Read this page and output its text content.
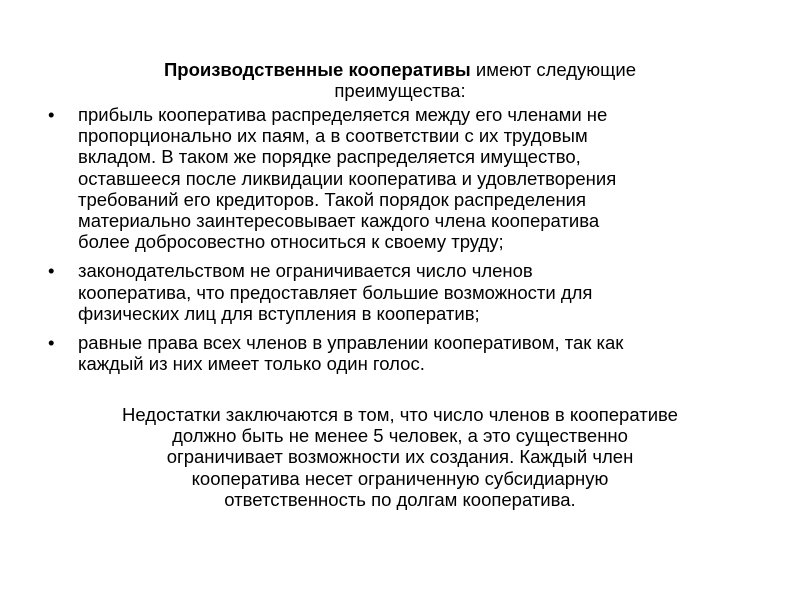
Производственные кооперативы имеют следующие преимущества:

•	прибыль кооператива распределяется между его членами не
пропорционально их паям, а в соответствии с их трудовым
вкладом. В таком же порядке распределяется имущество,
оставшееся после ликвидации кооператива и удовлетворения
требований его кредиторов. Такой порядок распределения
материально заинтересовывает каждого члена кооператива
более добросовестно относиться к своему труду;
•	законодательством не ограничивается число членов
кооператива, что предоставляет большие возможности для
физических лиц для вступления в кооператив;
•	равные права всех членов в управлении кооперативом, так как
каждый из них имеет только один голос.

Недостатки заключаются в том, что число членов в кооперативе
должно быть не менее 5 человек, а это существенно
ограничивает возможности их создания. Каждый член
кооператива несет ограниченную субсидиарную
ответственность по долгам кооператива.
